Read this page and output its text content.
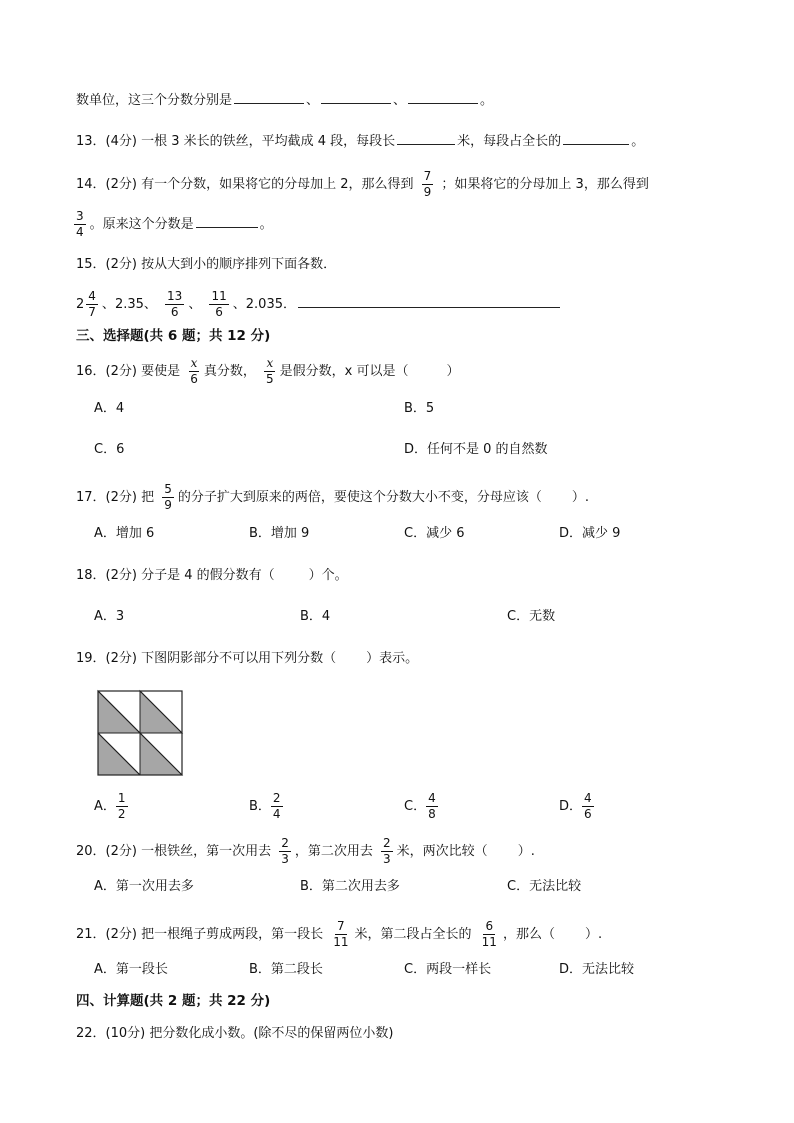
数单位，这三个分数分别是	、	、	。
13．(4分) 一根 3 米长的铁丝，平均截成 4 段，每段长	米，每段占全长的	。
14．(2分) 有一个分数，如果将它的分母加上 2，那么得到 $\frac{7}{9}$ ；如果将它的分母加上 3，那么得到
$\frac{3}{4}$ 。原来这个分数是	。
15．(2分) 按从大到小的顺序排列下面各数．
$2 \frac{4}{7}$ 、2.35、 $\frac{13}{6}$ 、 $\frac{11}{6}$ 、2.035．
三、选择题(共 6 题；共 12 分)
16．(2分) 要使是 $\frac{x}{6}$ 真分数， $\frac{x}{5}$ 是假分数，x 可以是（	）
A．4	B．5
C．6	D．任何不是 0 的自然数
17．(2分) 把 $\frac{5}{9}$ 的分子扩大到原来的两倍，要使这个分数大小不变，分母应该（ ）.
A．增加 6	B．增加 9	C．减少 6	D．减少 9
18．(2分) 分子是 4 的假分数有（	）个。
A．3	B．4	C．无数
19．(2分) 下图阴影部分不可以用下列分数（ ）表示。
A． $\frac{1}{2}$	B． $\frac{2}{4}$	C． $\frac{4}{8}$	D． $\frac{4}{6}$
20．(2分) 一根铁丝，第一次用去 $\frac{2}{3}$ ，第二次用去 $\frac{2}{3}$ 米，两次比较（ ）.
A．第一次用去多	B．第二次用去多	C．无法比较
21．(2分) 把一根绳子剪成两段，第一段长 $\frac{7}{11}$ 米，第二段占全长的 $\frac{6}{11}$ ，那么（ ）.
A．第一段长	B．第二段长	C．两段一样长	D．无法比较
四、计算题(共 2 题；共 22 分)
22．(10分) 把分数化成小数。(除不尽的保留两位小数)
